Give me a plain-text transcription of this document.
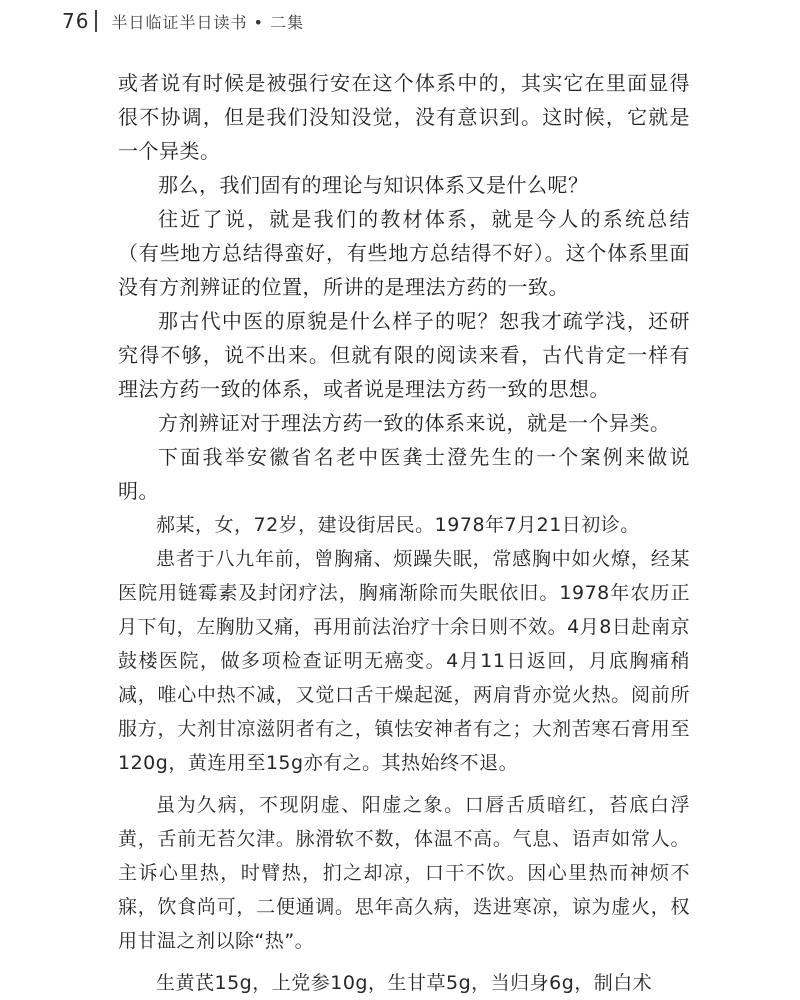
76 半日临证半日读书 • 二集

或者说有时候是被强行安在这个体系中的，其实它在里面显得很不协调，但是我们没知没觉，没有意识到。这时候，它就是一个异类。

那么，我们固有的理论与知识体系又是什么呢？

往近了说，就是我们的教材体系，就是今人的系统总结（有些地方总结得蛮好，有些地方总结得不好）。这个体系里面没有方剂辨证的位置，所讲的是理法方药的一致。

那古代中医的原貌是什么样子的呢？恕我才疏学浅，还研究得不够，说不出来。但就有限的阅读来看，古代肯定一样有理法方药一致的体系，或者说是理法方药一致的思想。

方剂辨证对于理法方药一致的体系来说，就是一个异类。

下面我举安徽省名老中医龚士澄先生的一个案例来做说明。

郝某，女，72岁，建设街居民。1978年7月21日初诊。

患者于八九年前，曾胸痛、烦躁失眠，常感胸中如火燎，经某医院用链霉素及封闭疗法，胸痛渐除而失眠依旧。1978年农历正月下旬，左胸肋又痛，再用前法治疗十余日则不效。4月8日赴南京鼓楼医院，做多项检查证明无癌变。4月11日返回，月底胸痛稍减，唯心中热不减，又觉口舌干燥起涎，两肩背亦觉火热。阅前所服方，大剂甘凉滋阴者有之，镇怯安神者有之；大剂苦寒石膏用至120g，黄连用至15g亦有之。其热始终不退。

虽为久病，不现阴虚、阳虚之象。口唇舌质暗红，苔底白浮黄，舌前无苔欠津。脉滑软不数，体温不高。气息、语声如常人。主诉心里热，时臂热，扪之却凉，口干不饮。因心里热而神烦不寐，饮食尚可，二便通调。思年高久病，迭进寒凉，谅为虚火，权用甘温之剂以除“热”。

生黄芪15g，上党参10g，生甘草5g，当归身6g，制白术
